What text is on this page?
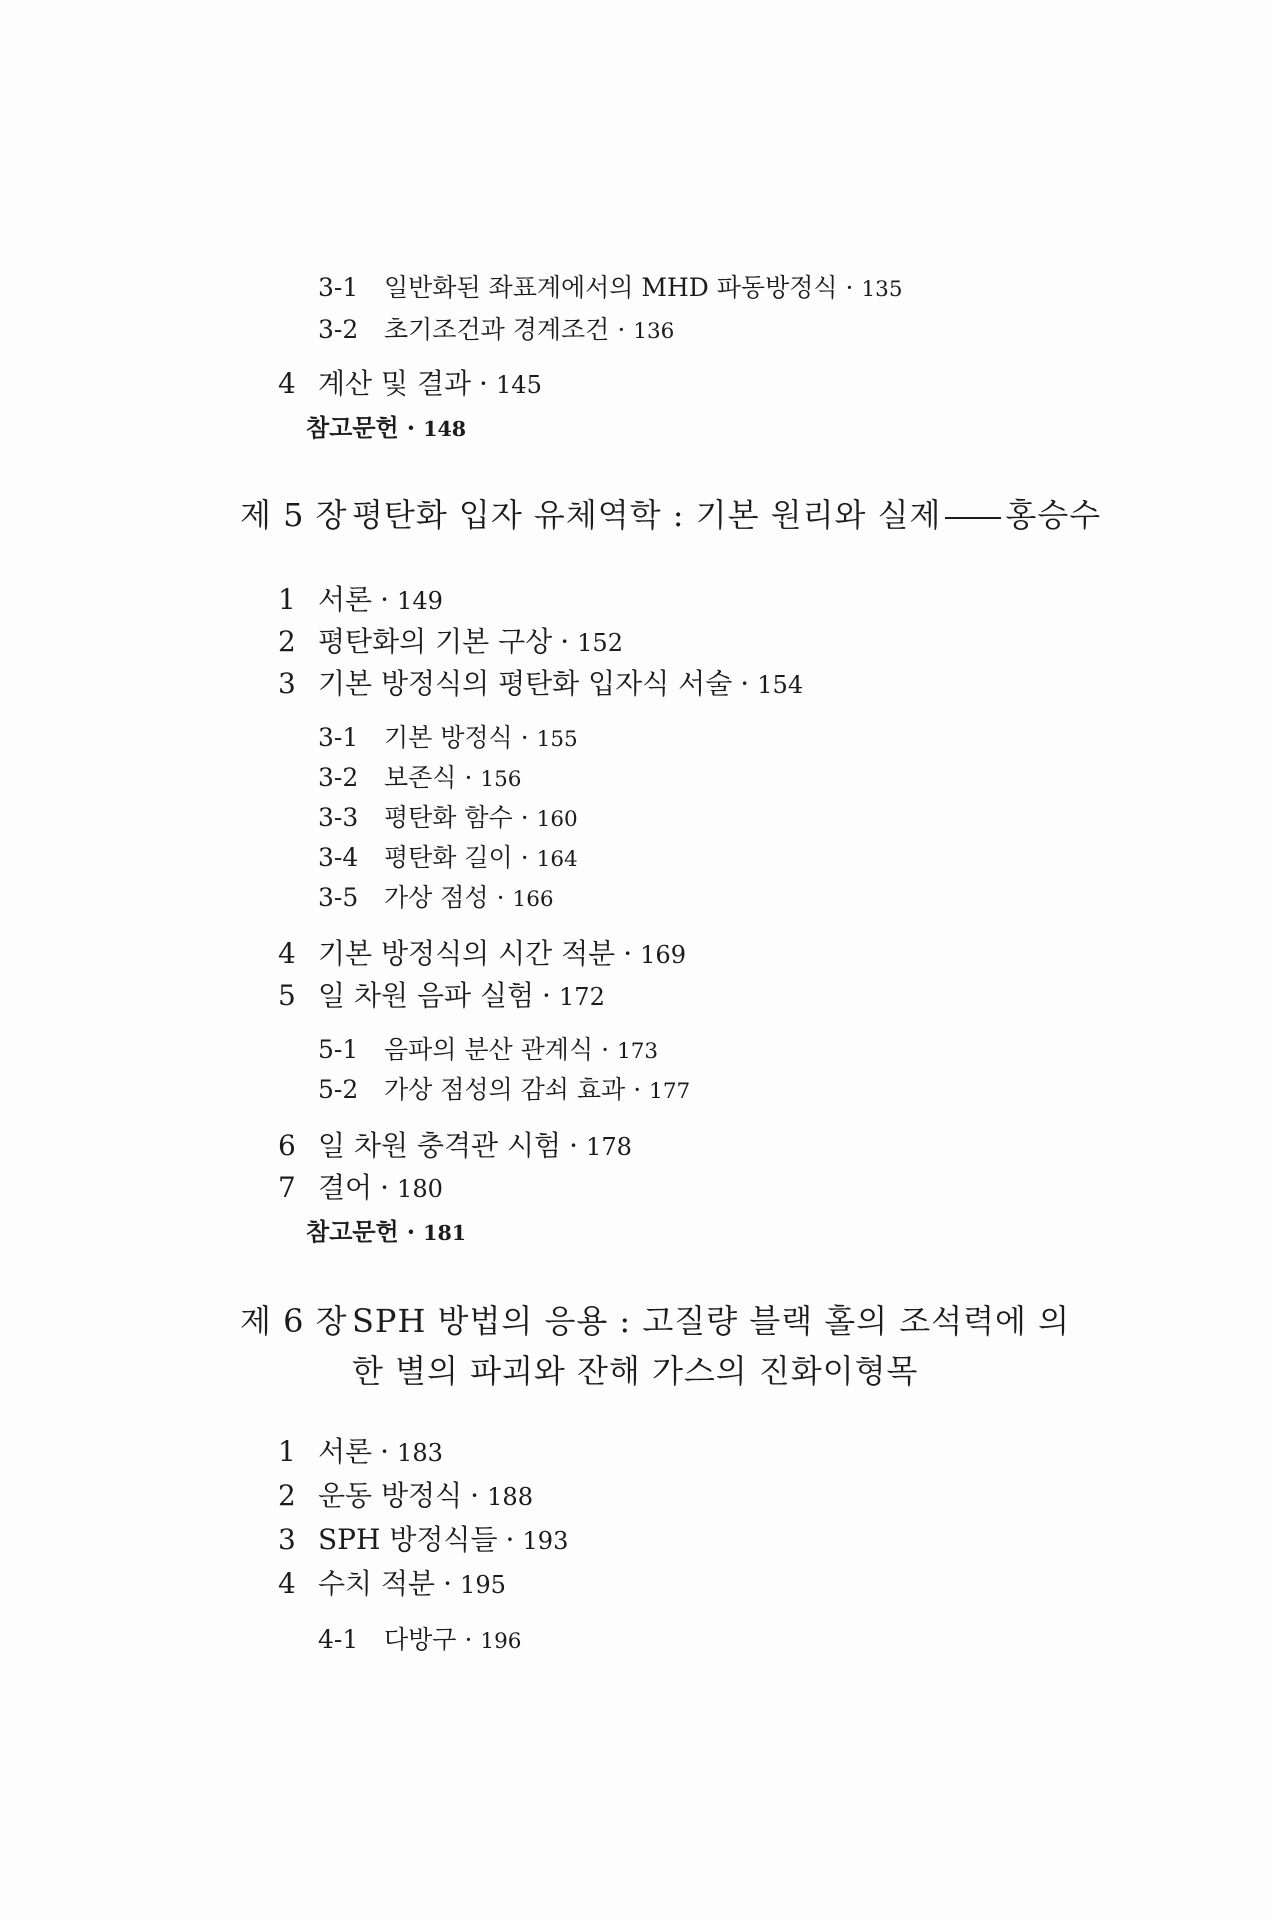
3-1 일반화된 좌표계에서의 MHD 파동방정식 · 135
3-2 초기조건과 경계조건 · 136
4 계산 및 결과 · 145
참고문헌 · 148
제 5 장 평탄화 입자 유체역학 : 기본 원리와 실제 홍승수
1 서론 · 149
2 평탄화의 기본 구상 · 152
3 기본 방정식의 평탄화 입자식 서술 · 154
3-1 기본 방정식 · 155
3-2 보존식 · 156
3-3 평탄화 함수 · 160
3-4 평탄화 길이 · 164
3-5 가상 점성 · 166
4 기본 방정식의 시간 적분 · 169
5 일 차원 음파 실험 · 172
5-1 음파의 분산 관계식 · 173
5-2 가상 점성의 감쇠 효과 · 177
6 일 차원 충격관 시험 · 178
7 결어 · 180
참고문헌 · 181
제 6 장 SPH 방법의 응용 : 고질량 블랙 홀의 조석력에 의
한 별의 파괴와 잔해 가스의 진화이형목
1 서론 · 183
2 운동 방정식 · 188
3 SPH 방정식들 · 193
4 수치 적분 · 195
4-1 다방구 · 196
